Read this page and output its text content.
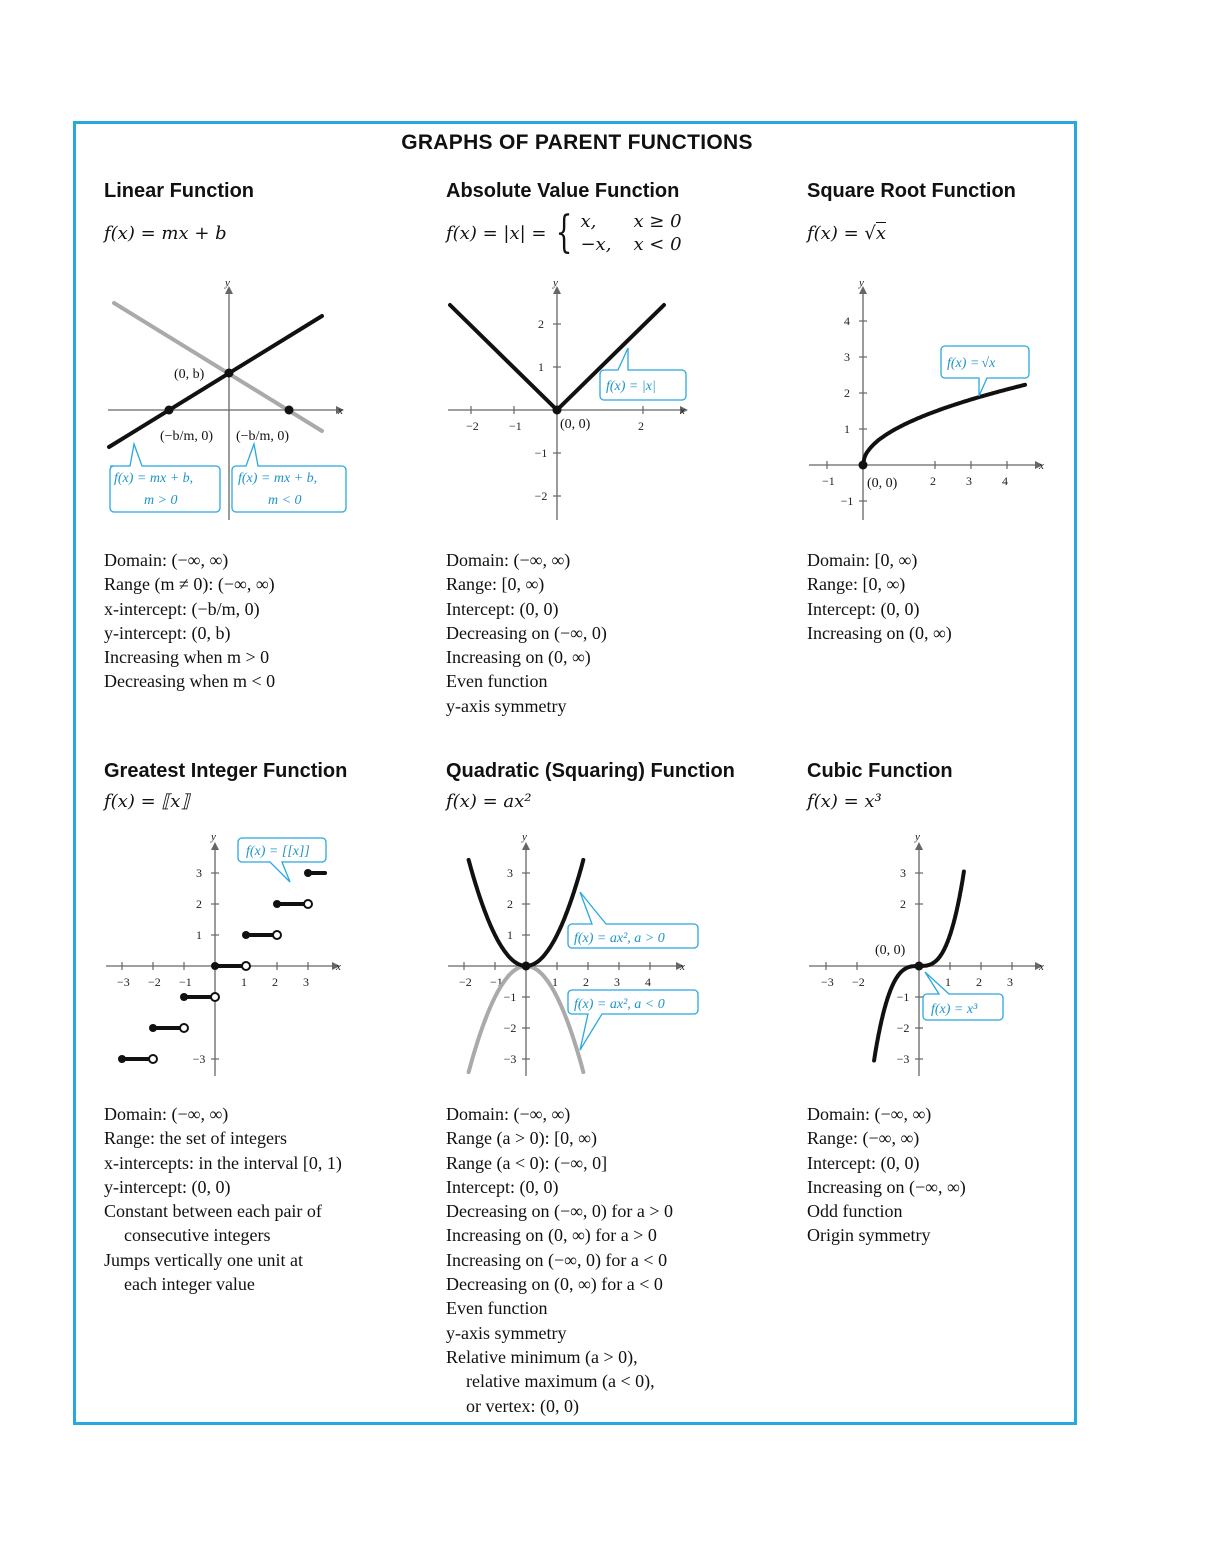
GRAPHS OF PARENT FUNCTIONS
Linear Function
f(x) = mx + b
x
y
(0, b)
(−b/m, 0) (−b/m, 0)
f(x) = mx + b,
m > 0
f(x) = mx + b,
m < 0
Domain: (−∞, ∞)
Range (m ≠ 0): (−∞, ∞)
x-intercept: (−b/m, 0)
y-intercept: (0, b)
Increasing when m > 0
Decreasing when m < 0
Absolute Value Function
f(x) = |x| = { x,	x ≥ 0
−x, x < 0
x
y
−2	−1	2
2
1
−1
−2
(0, 0)
f(x) = |x|
Domain: (−∞, ∞)
Range: [0, ∞)
Intercept: (0, 0)
Decreasing on (−∞, 0)
Increasing on (0, ∞)
Even function
y-axis symmetry
Square Root Function
f(x) = √x
x
y
−1	2	3	4
4
3
2
1
−1
(0, 0)
f(x) = √x
Domain: [0, ∞)
Range: [0, ∞)
Intercept: (0, 0)
Increasing on (0, ∞)
Greatest Integer Function
f(x) = ⟦x⟧
x
y
−3 −2 −1	1 2 3
3
2
1
−3
f(x) = [[x]]
Domain: (−∞, ∞)
Range: the set of integers
x-intercepts: in the interval [0, 1)
y-intercept: (0, 0)
Constant between each pair of
consecutive integers
Jumps vertically one unit at
each integer value
Quadratic (Squaring) Function
f(x) = ax²
x
y
−2 −1	1 2 3 4
3
2
1
−1
−2
−3
f(x) = ax², a > 0
f(x) = ax², a < 0
Domain: (−∞, ∞)
Range (a > 0): [0, ∞)
Range (a < 0): (−∞, 0]
Intercept: (0, 0)
Decreasing on (−∞, 0) for a > 0
Increasing on (0, ∞) for a > 0
Increasing on (−∞, 0) for a < 0
Decreasing on (0, ∞) for a < 0
Even function
y-axis symmetry
Relative minimum (a > 0),
relative maximum (a < 0),
or vertex: (0, 0)
Cubic Function
f(x) = x³
x
y
−3 −2	1 2 3
3
2
−1
−2
−3
(0, 0)
f(x) = x³
Domain: (−∞, ∞)
Range: (−∞, ∞)
Intercept: (0, 0)
Increasing on (−∞, ∞)
Odd function
Origin symmetry
